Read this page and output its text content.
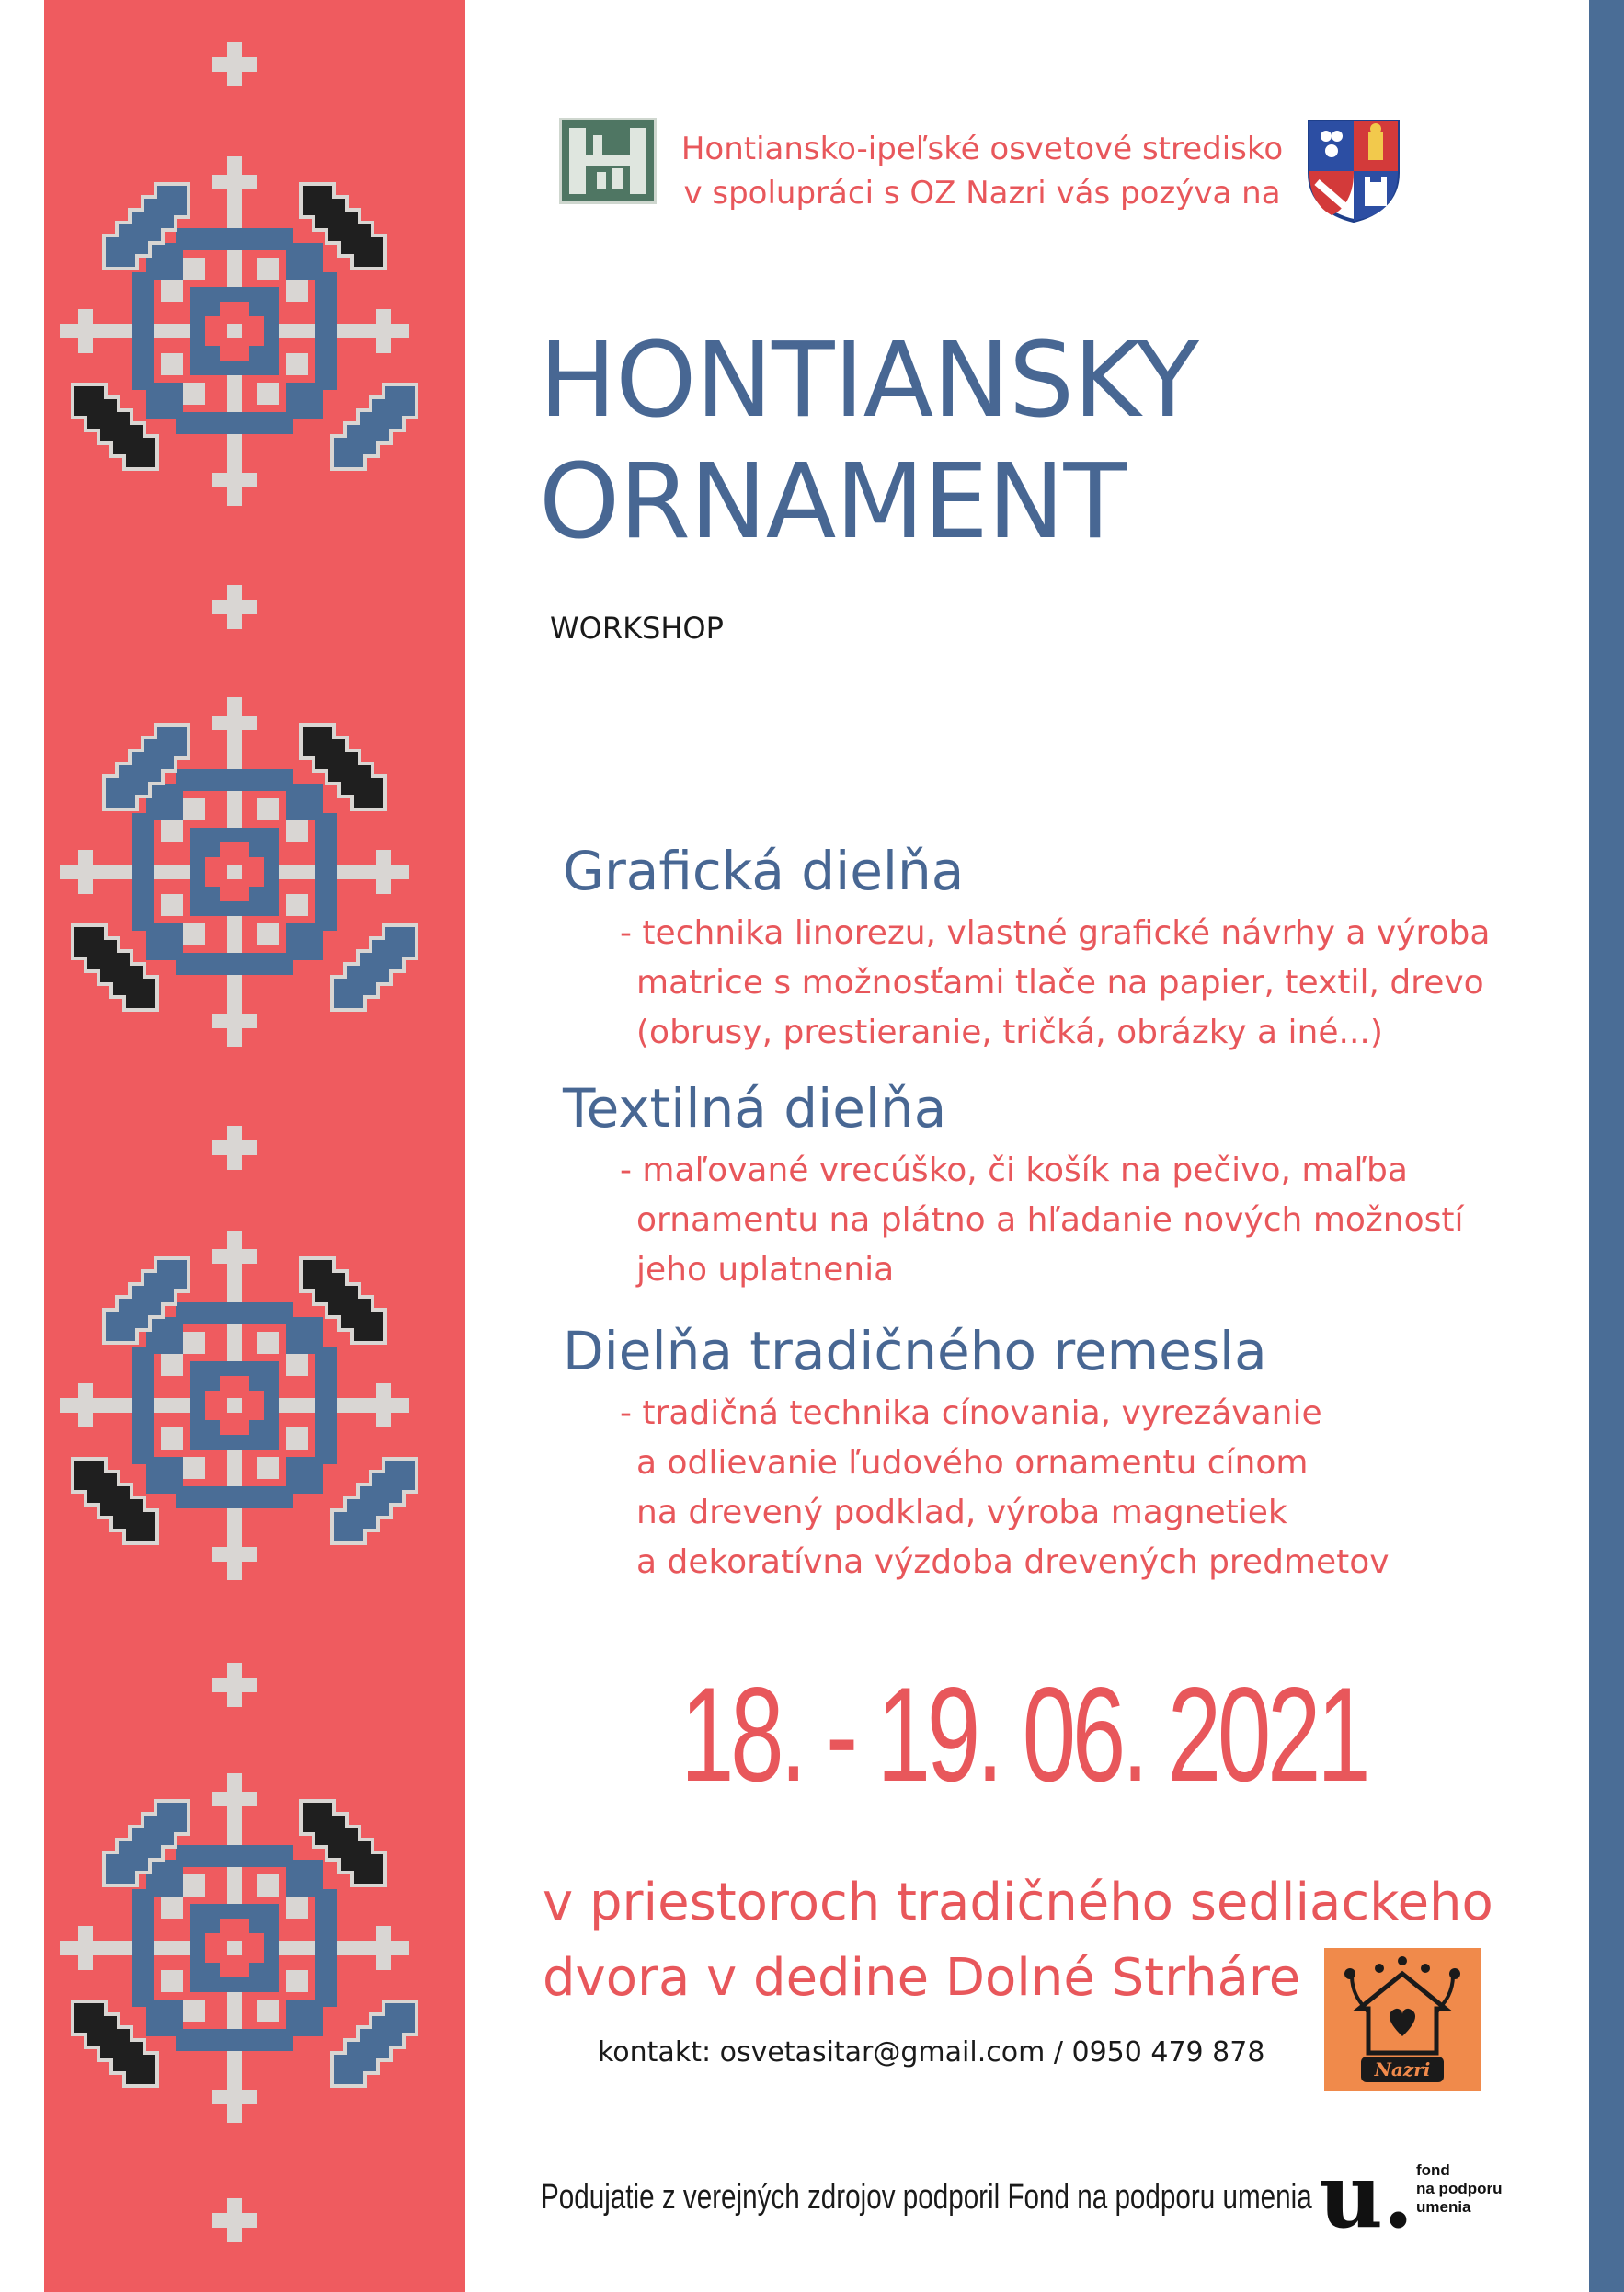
Hontiansko-ipeľské osvetové stredisko
v spolupráci s OZ Nazri vás pozýva na
HONTIANSKY
ORNAMENT
WORKSHOP
Grafická dielňa
- technika linorezu, vlastné grafické návrhy a výroba
matrice s možnosťami tlače na papier, textil, drevo
(obrusy, prestieranie, tričká, obrázky a iné...)
Textilná dielňa
- maľované vrecúško, či košík na pečivo, maľba
ornamentu na plátno a hľadanie nových možností
jeho uplatnenia
Dielňa tradičného remesla
- tradičná technika cínovania, vyrezávanie
a odlievanie ľudového ornamentu cínom
na drevený podklad, výroba magnetiek
a dekoratívna výzdoba drevených predmetov
18. - 19. 06. 2021
v priestoroch tradičného sedliackeho
dvora v dedine Dolné Strháre
kontakt: osvetasitar@gmail.com / 0950 479 878
Nazri
Podujatie z verejných zdrojov podporil Fond na podporu umenia u. fond
na podporu
umenia
